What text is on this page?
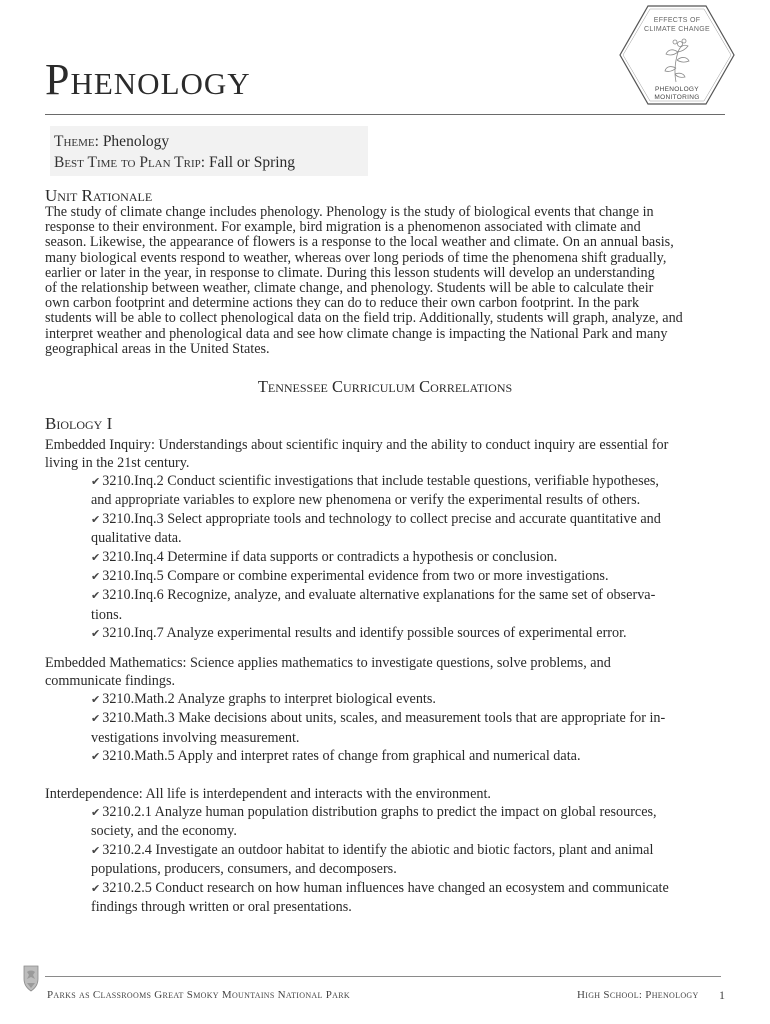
Phenology
EFFECTS OF
CLIMATE CHANGE
PHENOLOGY
MONITORING
Theme: Phenology
Best Time to Plan Trip: Fall or Spring
Unit Rationale
The study of climate change includes phenology. Phenology is the study of biological events that change in
response to their environment. For example, bird migration is a phenomenon associated with climate and
season. Likewise, the appearance of flowers is a response to the local weather and climate. On an annual basis,
many biological events respond to weather, whereas over long periods of time the phenomena shift gradually,
earlier or later in the year, in response to climate. During this lesson students will develop an understanding
of the relationship between weather, climate change, and phenology. Students will be able to calculate their
own carbon footprint and determine actions they can do to reduce their own carbon footprint. In the park
students will be able to collect phenological data on the field trip. Additionally, students will graph, analyze, and
interpret weather and phenological data and see how climate change is impacting the National Park and many
geographical areas in the United States.
Tennessee Curriculum Correlations
Biology I
Embedded Inquiry: Understandings about scientific inquiry and the ability to conduct inquiry are essential for
living in the 21st century.
✔ 3210.Inq.2 Conduct scientific investigations that include testable questions, verifiable hypotheses,
and appropriate variables to explore new phenomena or verify the experimental results of others.
✔ 3210.Inq.3 Select appropriate tools and technology to collect precise and accurate quantitative and
qualitative data.
✔ 3210.Inq.4 Determine if data supports or contradicts a hypothesis or conclusion.
✔ 3210.Inq.5 Compare or combine experimental evidence from two or more investigations.
✔ 3210.Inq.6 Recognize, analyze, and evaluate alternative explanations for the same set of observa-
tions.
✔ 3210.Inq.7 Analyze experimental results and identify possible sources of experimental error.
Embedded Mathematics: Science applies mathematics to investigate questions, solve problems, and
communicate findings.
✔ 3210.Math.2 Analyze graphs to interpret biological events.
✔ 3210.Math.3 Make decisions about units, scales, and measurement tools that are appropriate for in-
vestigations involving measurement.
✔ 3210.Math.5 Apply and interpret rates of change from graphical and numerical data.
Interdependence: All life is interdependent and interacts with the environment.
✔ 3210.2.1 Analyze human population distribution graphs to predict the impact on global resources,
society, and the economy.
✔ 3210.2.4 Investigate an outdoor habitat to identify the abiotic and biotic factors, plant and animal
populations, producers, consumers, and decomposers.
✔ 3210.2.5 Conduct research on how human influences have changed an ecosystem and communicate
findings through written or oral presentations.
Parks as Classrooms Great Smoky Mountains National Park	High School: Phenology 1
